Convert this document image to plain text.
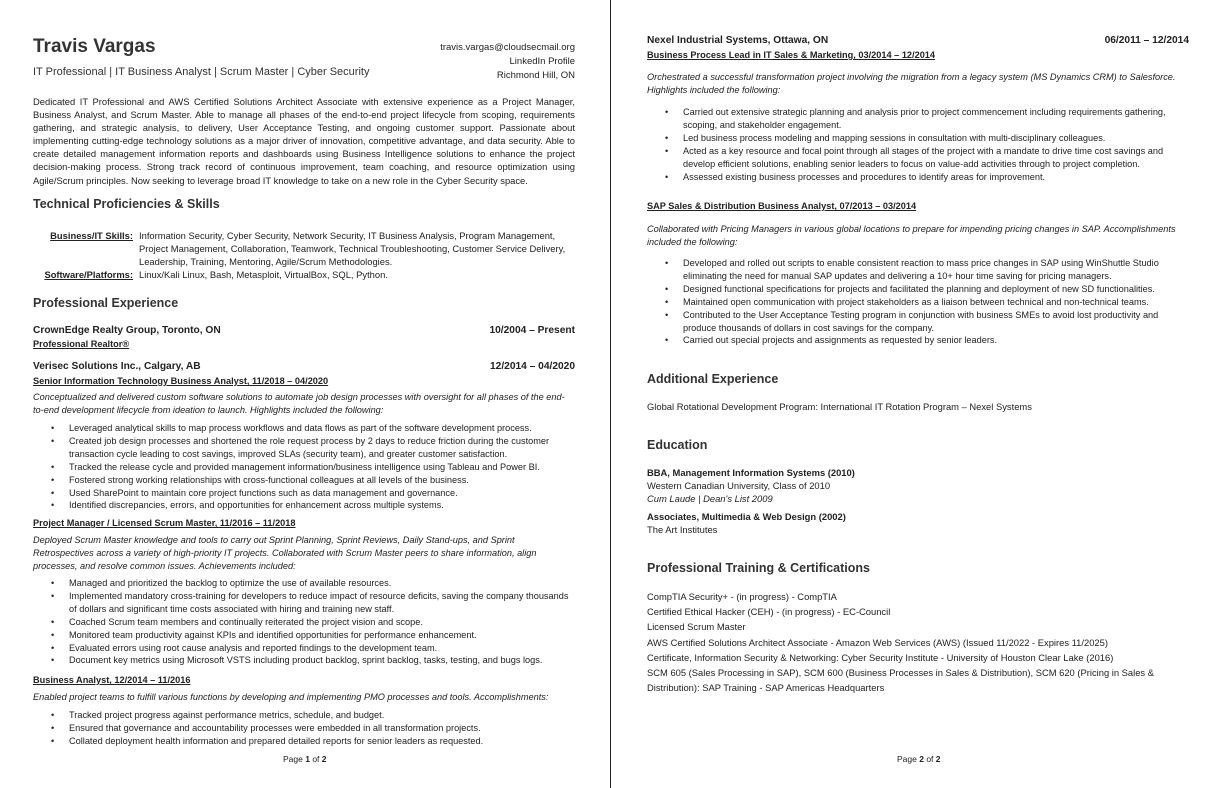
Travis Vargas
IT Professional | IT Business Analyst | Scrum Master | Cyber Security
travis.vargas@cloudsecmail.org
LinkedIn Profile
Richmond Hill, ON

Dedicated IT Professional and AWS Certified Solutions Architect Associate with extensive experience as a Project Manager, Business Analyst, and Scrum Master. Able to manage all phases of the end-to-end project lifecycle from scoping, requirements gathering, and strategic analysis, to delivery, User Acceptance Testing, and ongoing customer support. Passionate about implementing cutting-edge technology solutions as a major driver of innovation, competitive advantage, and data security. Able to create detailed management information reports and dashboards using Business Intelligence solutions to enhance the project decision-making process. Strong track record of continuous improvement, team coaching, and resource optimization using Agile/Scrum principles. Now seeking to leverage broad IT knowledge to take on a new role in the Cyber Security space.

Technical Proficiencies & Skills
Business/IT Skills: Information Security, Cyber Security, Network Security, IT Business Analysis, Program Management, Project Management, Collaboration, Teamwork, Technical Troubleshooting, Customer Service Delivery, Leadership, Training, Mentoring, Agile/Scrum Methodologies.
Software/Platforms: Linux/Kali Linux, Bash, Metasploit, VirtualBox, SQL, Python.
Professional Experience
CrownEdge Realty Group, Toronto, ON	10/2004 – Present
Professional Realtor®
Verisec Solutions Inc., Calgary, AB	12/2014 – 04/2020
Senior Information Technology Business Analyst, 11/2018 – 04/2020

Conceptualized and delivered custom software solutions to automate job design processes with oversight for all phases of the end-to-end development lifecycle from ideation to launch. Highlights included the following:

• Leveraged analytical skills to map process workflows and data flows as part of the software development process.
• Created job design processes and shortened the role request process by 2 days to reduce friction during the customer transaction cycle leading to cost savings, improved SLAs (security team), and greater customer satisfaction.
• Tracked the release cycle and provided management information/business intelligence using Tableau and Power BI.
• Fostered strong working relationships with cross-functional colleagues at all levels of the business.
• Used SharePoint to maintain core project functions such as data management and governance.
• Identified discrepancies, errors, and opportunities for enhancement across multiple systems.
Project Manager / Licensed Scrum Master, 11/2016 – 11/2018

Deployed Scrum Master knowledge and tools to carry out Sprint Planning, Sprint Reviews, Daily Stand-ups, and Sprint Retrospectives across a variety of high-priority IT projects. Collaborated with Scrum Master peers to share information, align processes, and resolve common issues. Achievements included:

• Managed and prioritized the backlog to optimize the use of available resources.
• Implemented mandatory cross-training for developers to reduce impact of resource deficits, saving the company thousands of dollars and significant time costs associated with hiring and training new staff.
• Coached Scrum team members and continually reiterated the project vision and scope.
• Monitored team productivity against KPIs and identified opportunities for performance enhancement.
• Evaluated errors using root cause analysis and reported findings to the development team.
• Document key metrics using Microsoft VSTS including product backlog, sprint backlog, tasks, testing, and bugs logs.
Business Analyst, 12/2014 – 11/2016

Enabled project teams to fulfill various functions by developing and implementing PMO processes and tools. Accomplishments:

• Tracked project progress against performance metrics, schedule, and budget.
• Ensured that governance and accountability processes were embedded in all transformation projects.
• Collated deployment health information and prepared detailed reports for senior leaders as requested.
Page 1 of 2
Nexel Industrial Systems, Ottawa, ON	06/2011 – 12/2014
Business Process Lead in IT Sales & Marketing, 03/2014 – 12/2014

Orchestrated a successful transformation project involving the migration from a legacy system (MS Dynamics CRM) to Salesforce. Highlights included the following:

• Carried out extensive strategic planning and analysis prior to project commencement including requirements gathering, scoping, and stakeholder engagement.
• Led business process modeling and mapping sessions in consultation with multi-disciplinary colleagues.
• Acted as a key resource and focal point through all stages of the project with a mandate to drive time cost savings and develop efficient solutions, enabling senior leaders to focus on value-add activities through to project completion.
• Assessed existing business processes and procedures to identify areas for improvement.
SAP Sales & Distribution Business Analyst, 07/2013 – 03/2014

Collaborated with Pricing Managers in various global locations to prepare for impending pricing changes in SAP. Accomplishments included the following:

• Developed and rolled out scripts to enable consistent reaction to mass price changes in SAP using WinShuttle Studio eliminating the need for manual SAP updates and delivering a 10+ hour time saving for pricing managers.
• Designed functional specifications for projects and facilitated the planning and deployment of new SD functionalities.
• Maintained open communication with project stakeholders as a liaison between technical and non-technical teams.
• Contributed to the User Acceptance Testing program in conjunction with business SMEs to avoid lost productivity and produce thousands of dollars in cost savings for the company.
• Carried out special projects and assignments as requested by senior leaders.
Additional Experience
Global Rotational Development Program: International IT Rotation Program – Nexel Systems
Education
BBA, Management Information Systems (2010)
Western Canadian University, Class of 2010
Cum Laude | Dean's List 2009
Associates, Multimedia & Web Design (2002)
The Art Institutes
Professional Training & Certifications
CompTIA Security+ - (in progress) - CompTIA
Certified Ethical Hacker (CEH) - (in progress) - EC-Council
Licensed Scrum Master
AWS Certified Solutions Architect Associate - Amazon Web Services (AWS) (Issued 11/2022 - Expires 11/2025)
Certificate, Information Security & Networking: Cyber Security Institute - University of Houston Clear Lake (2016)
SCM 605 (Sales Processing in SAP), SCM 600 (Business Processes in Sales & Distribution), SCM 620 (Pricing in Sales & Distribution): SAP Training - SAP Americas Headquarters
Page 2 of 2
